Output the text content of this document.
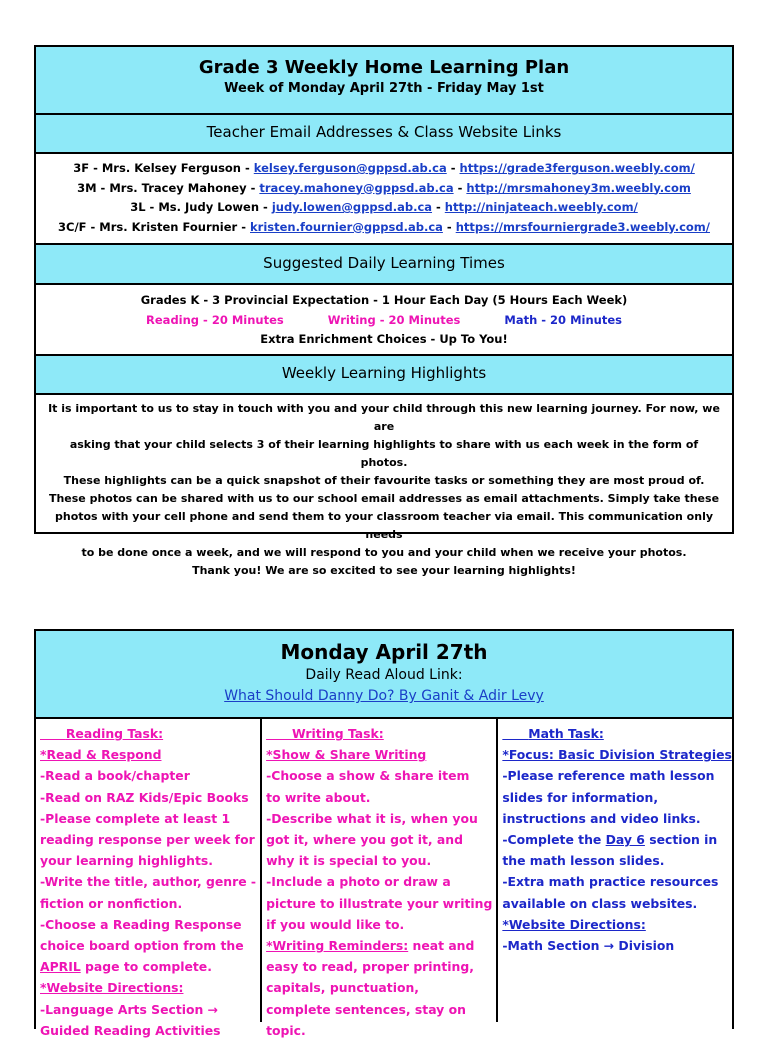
Grade 3 Weekly Home Learning Plan
Week of Monday April 27th - Friday May 1st
Teacher Email Addresses & Class Website Links
3F - Mrs. Kelsey Ferguson - kelsey.ferguson@gppsd.ab.ca - https://grade3ferguson.weebly.com/
3M - Mrs. Tracey Mahoney - tracey.mahoney@gppsd.ab.ca - http://mrsmahoney3m.weebly.com
3L - Ms. Judy Lowen - judy.lowen@gppsd.ab.ca - http://ninjateach.weebly.com/
3C/F - Mrs. Kristen Fournier - kristen.fournier@gppsd.ab.ca - https://mrsfourniergrade3.weebly.com/
Suggested Daily Learning Times
Grades K - 3 Provincial Expectation - 1 Hour Each Day (5 Hours Each Week)
Reading - 20 Minutes	Writing - 20 Minutes	Math - 20 Minutes
Extra Enrichment Choices - Up To You!
Weekly Learning Highlights
It is important to us to stay in touch with you and your child through this new learning journey. For now, we are
asking that your child selects 3 of their learning highlights to share with us each week in the form of photos.
These highlights can be a quick snapshot of their favourite tasks or something they are most proud of.
These photos can be shared with us to our school email addresses as email attachments. Simply take these
photos with your cell phone and send them to your classroom teacher via email. This communication only needs
to be done once a week, and we will respond to you and your child when we receive your photos.
Thank you! We are so excited to see your learning highlights!
Monday April 27th
Daily Read Aloud Link:
What Should Danny Do? By Ganit & Adir Levy
Reading Task:
*Read & Respond
-Read a book/chapter
-Read on RAZ Kids/Epic Books
-Please complete at least 1
reading response per week for
your learning highlights.
-Write the title, author, genre -
fiction or nonfiction.
-Choose a Reading Response
choice board option from the
APRIL page to complete.
*Website Directions:
-Language Arts Section →
Guided Reading Activities
Writing Task:
*Show & Share Writing
-Choose a show & share item
to write about.
-Describe what it is, when you
got it, where you got it, and
why it is special to you.
-Include a photo or draw a
picture to illustrate your writing
if you would like to.
*Writing Reminders: neat and
easy to read, proper printing,
capitals, punctuation,
complete sentences, stay on
topic.
Math Task:
*Focus: Basic Division Strategies
-Please reference math lesson
slides for information,
instructions and video links.
-Complete the Day 6 section in
the math lesson slides.
-Extra math practice resources
available on class websites.
*Website Directions:
-Math Section → Division
